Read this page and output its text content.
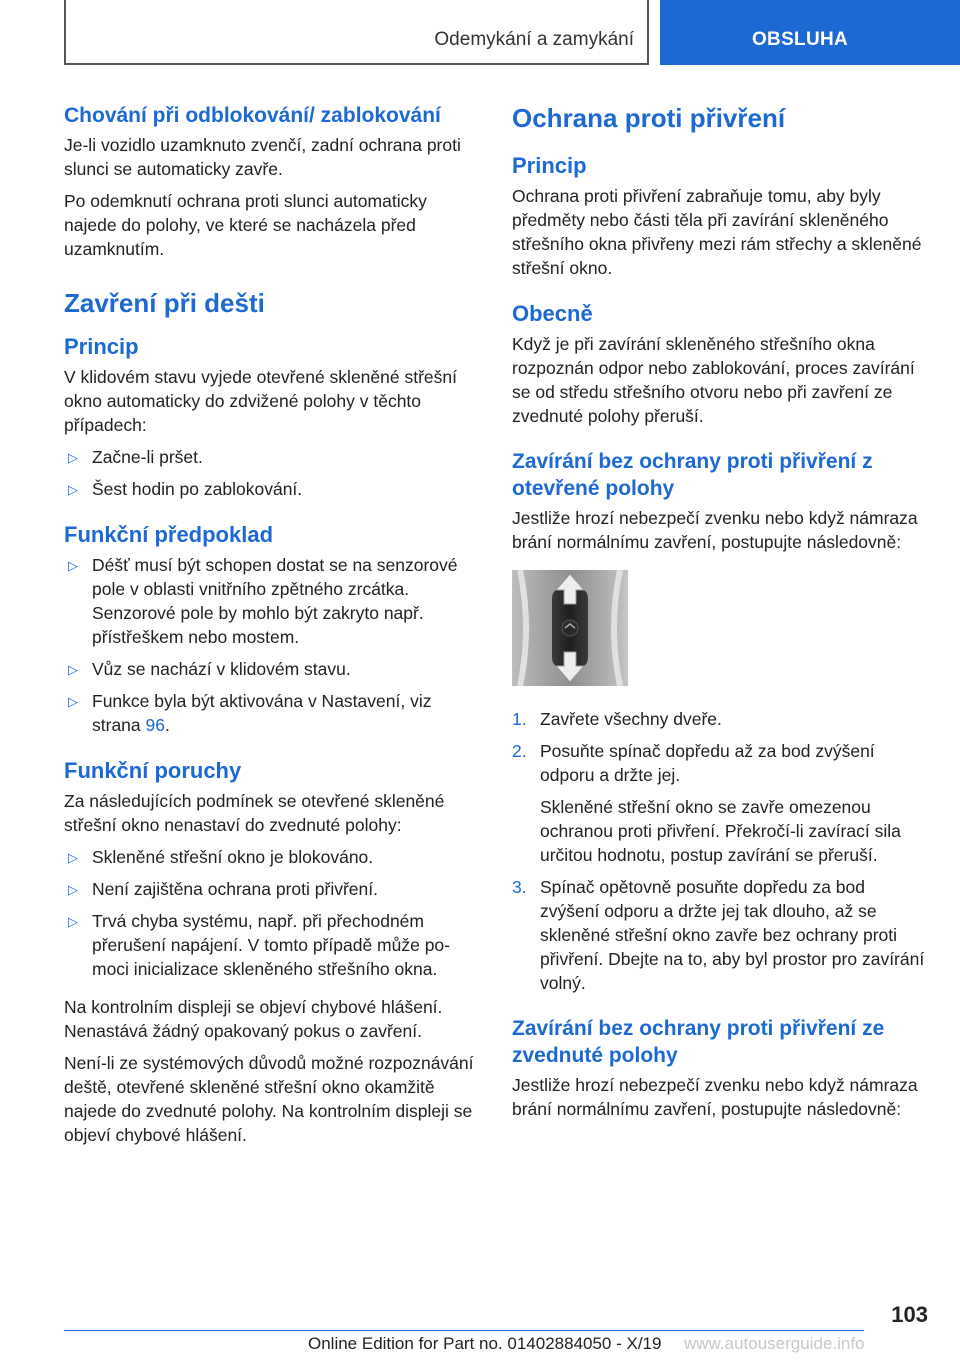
Odemykání a zamykání	OBSLUHA
Chování při odblokování/ zablokování
Je-li vozidlo uzamknuto zvenčí, zadní ochrana proti slunci se automaticky zavře.
Po odemknutí ochrana proti slunci automaticky najede do polohy, ve které se nacházela před uzamknutím.
Zavření při dešti
Princip
V klidovém stavu vyjede otevřené skleněné střešní okno automaticky do zdvižené polohy v těchto případech:
▷ Začne-li pršet.
▷ Šest hodin po zablokování.
Funkční předpoklad
▷ Déšť musí být schopen dostat se na senzorové pole v oblasti vnitřního zpětného zrcátka. Senzorové pole by mohlo být zakryto např. přístřeškem nebo mostem.
▷ Vůz se nachází v klidovém stavu.
▷ Funkce byla být aktivována v Nastavení, viz strana 96.
Funkční poruchy
Za následujících podmínek se otevřené skleněné střešní okno nenastaví do zvednuté polohy:
▷ Skleněné střešní okno je blokováno.
▷ Není zajištěna ochrana proti přivření.
▷ Trvá chyba systému, např. při přechodném přerušení napájení. V tomto případě může pomoci inicializace skleněného střešního okna.
Na kontrolním displeji se objeví chybové hlášení. Nenastává žádný opakovaný pokus o zavření.
Není-li ze systémových důvodů možné rozpoznávání deště, otevřené skleněné střešní okno okamžitě najede do zvednuté polohy. Na kontrolním displeji se objeví chybové hlášení.
Ochrana proti přivření
Princip
Ochrana proti přivření zabraňuje tomu, aby byly předměty nebo části těla při zavírání skleněného střešního okna přivřeny mezi rám střechy a skleněné střešní okno.
Obecně
Když je při zavírání skleněného střešního okna rozpoznán odpor nebo zablokování, proces zavírání se od středu střešního otvoru nebo při zavření ze zvednuté polohy přeruší.
Zavírání bez ochrany proti přivření z otevřené polohy
Jestliže hrozí nebezpečí zvenku nebo když námraza brání normálnímu zavření, postupujte následovně:
1. Zavřete všechny dveře.
2. Posuňte spínač dopředu až za bod zvýšení odporu a držte jej.
Skleněné střešní okno se zavře omezenou ochranou proti přivření. Překročí-li zavírací sila určitou hodnotu, postup zavírání se přeruší.
3. Spínač opětovně posuňte dopředu za bod zvýšení odporu a držte jej tak dlouho, až se skleněné střešní okno zavře bez ochrany proti přivření. Dbejte na to, aby byl prostor pro zavírání volný.
Zavírání bez ochrany proti přivření ze zvednuté polohy
Jestliže hrozí nebezpečí zvenku nebo když námraza brání normálnímu zavření, postupujte následovně:
103
Online Edition for Part no. 01402884050 - X/19 www.autouserguide.info
